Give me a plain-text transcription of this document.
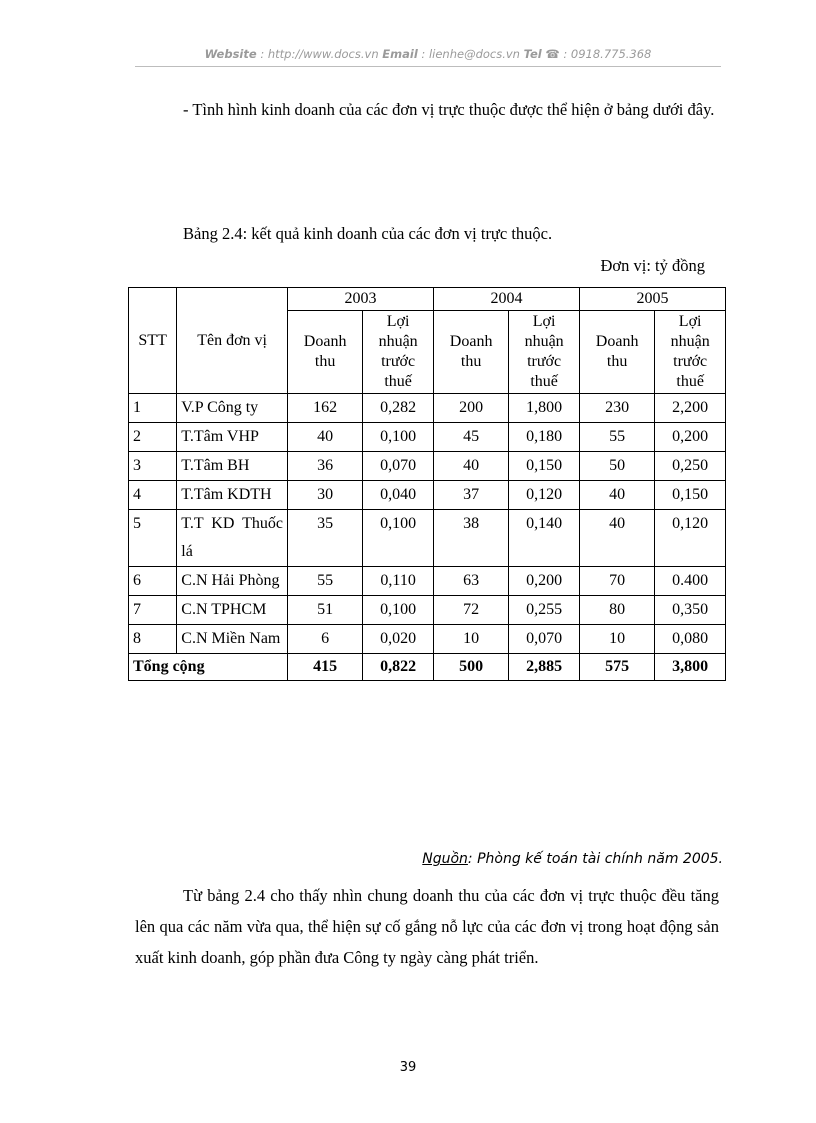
Website : http://www.docs.vn Email : lienhe@docs.vn Tel ☎ : 0918.775.368
- Tình hình kinh doanh của các đơn vị trực thuộc được thể hiện ở bảng dưới đây.
Bảng 2.4: kết quả kinh doanh của các đơn vị trực thuộc.
Đơn vị: tỷ đồng
STT	Tên đơn vị	2003		2004		2005	
		Doanh thu	Lợi nhuận trước thuế	Doanh thu	Lợi nhuận trước thuế	Doanh thu	Lợi nhuận trước thuế
1	V.P Công ty	162	0,282	200	1,800	230	2,200
2	T.Tâm VHP	40	0,100	45	0,180	55	0,200
3	T.Tâm BH	36	0,070	40	0,150	50	0,250
4	T.Tâm KDTH	30	0,040	37	0,120	40	0,150
5	T.T KD Thuốc lá	35	0,100	38	0,140	40	0,120
6	C.N Hải Phòng	55	0,110	63	0,200	70	0.400
7	C.N TPHCM	51	0,100	72	0,255	80	0,350
8	C.N Miền Nam	6	0,020	10	0,070	10	0,080
Tổng cộng		415	0,822	500	2,885	575	3,800
Nguồn: Phòng kế toán tài chính năm 2005.
Từ bảng 2.4 cho thấy nhìn chung doanh thu của các đơn vị trực thuộc đều tăng lên qua các năm vừa qua, thể hiện sự cố gắng nỗ lực của các đơn vị trong hoạt động sản xuất kinh doanh, góp phần đưa Công ty ngày càng phát triển.
39
